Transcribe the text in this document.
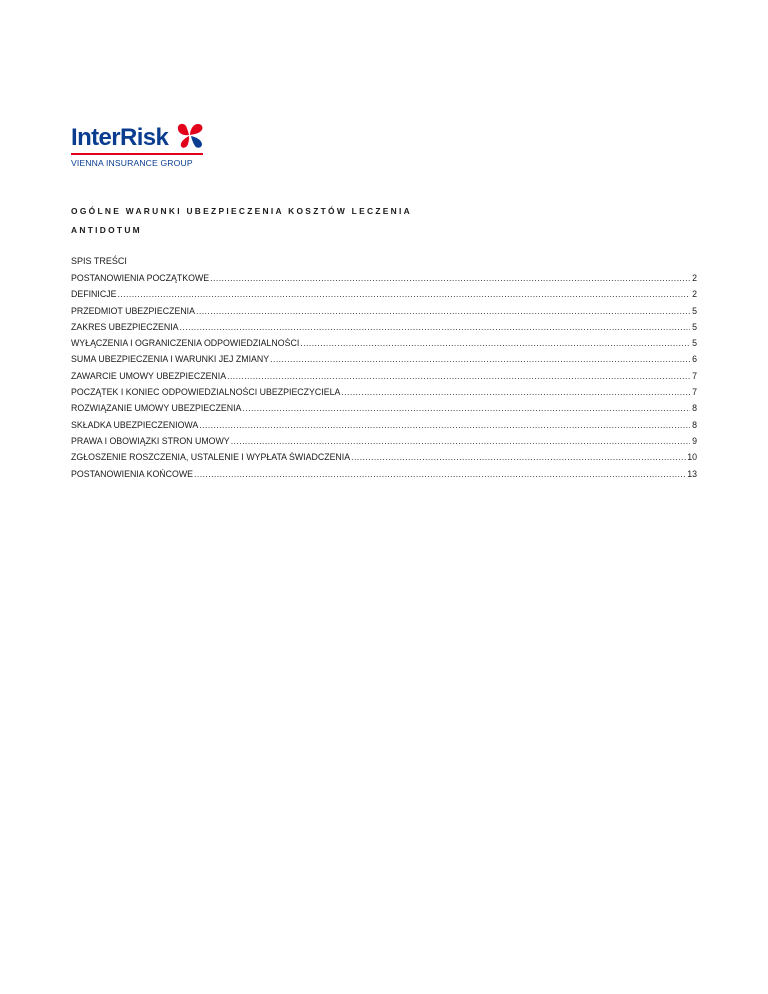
InterRisk
VIENNA INSURANCE GROUP
OGÓLNE WARUNKI UBEZPIECZENIA KOSZTÓW LECZENIA
ANTIDOTUM
SPIS TREŚCI
POSTANOWIENIA POCZĄTKOWE .....	2
DEFINICJE .....	2
PRZEDMIOT UBEZPIECZENIA .....	5
ZAKRES UBEZPIECZENIA .....	5
WYŁĄCZENIA I OGRANICZENIA ODPOWIEDZIALNOŚCI .....	5
SUMA UBEZPIECZENIA I WARUNKI JEJ ZMIANY .....	6
ZAWARCIE UMOWY UBEZPIECZENIA .....	7
POCZĄTEK I KONIEC ODPOWIEDZIALNOŚCI UBEZPIECZYCIELA .....	7
ROZWIĄZANIE UMOWY UBEZPIECZENIA .....	8
SKŁADKA UBEZPIECZENIOWA .....	8
PRAWA I OBOWIĄZKI STRON UMOWY .....	9
ZGŁOSZENIE ROSZCZENIA, USTALENIE I WYPŁATA ŚWIADCZENIA .....	10
POSTANOWIENIA KOŃCOWE .....	13
